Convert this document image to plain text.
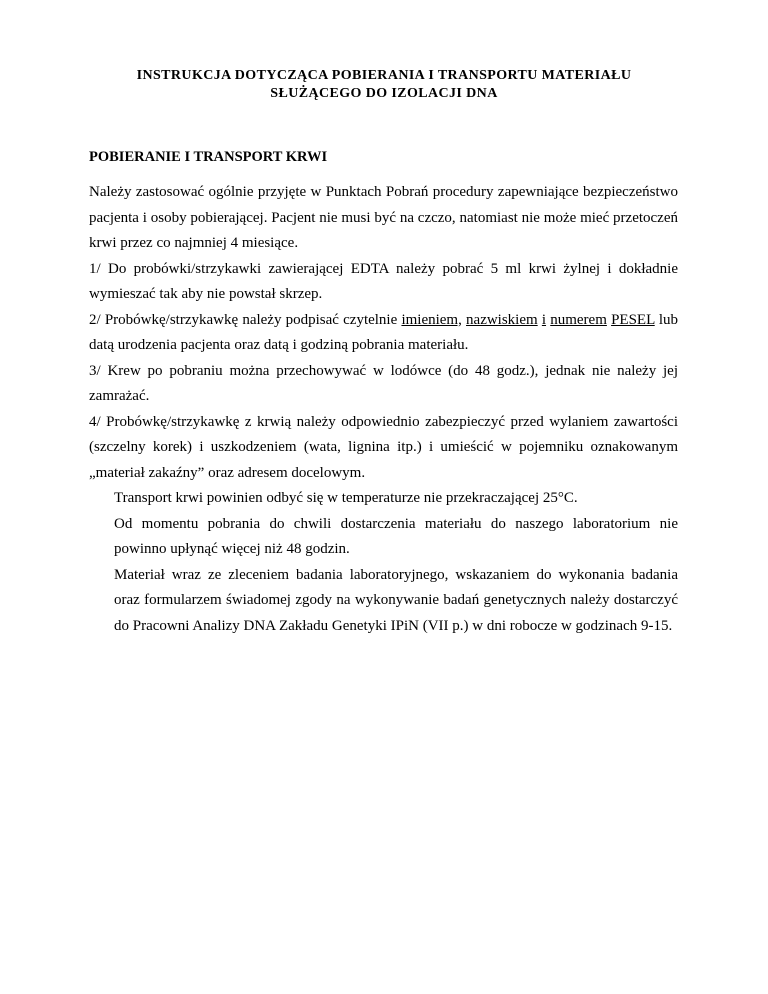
INSTRUKCJA DOTYCZĄCA POBIERANIA I TRANSPORTU MATERIAŁU
SŁUŻĄCEGO DO IZOLACJI DNA
POBIERANIE I TRANSPORT KRWI

Należy zastosować ogólnie przyjęte w Punktach Pobrań procedury zapewniające bezpieczeństwo pacjenta i osoby pobierającej. Pacjent nie musi być na czczo, natomiast nie może mieć przetoczeń krwi przez co najmniej 4 miesiące.

1/ Do probówki/strzykawki zawierającej EDTA należy pobrać 5 ml krwi żylnej i dokładnie wymieszać tak aby nie powstał skrzep.

2/ Probówkę/strzykawkę należy podpisać czytelnie imieniem, nazwiskiem i numerem PESEL lub datą urodzenia pacjenta oraz datą i godziną pobrania materiału.

3/ Krew po pobraniu można przechowywać w lodówce (do 48 godz.), jednak nie należy jej zamrażać.

4/ Probówkę/strzykawkę z krwią należy odpowiednio zabezpieczyć przed wylaniem zawartości (szczelny korek) i uszkodzeniem (wata, lignina itp.) i umieścić w pojemniku oznakowanym „materiał zakaźny” oraz adresem docelowym.

Transport krwi powinien odbyć się w temperaturze nie przekraczającej 25°C.

Od momentu pobrania do chwili dostarczenia materiału do naszego laboratorium nie powinno upłynąć więcej niż 48 godzin.

Materiał wraz ze zleceniem badania laboratoryjnego, wskazaniem do wykonania badania oraz formularzem świadomej zgody na wykonywanie badań genetycznych należy dostarczyć do Pracowni Analizy DNA Zakładu Genetyki IPiN (VII p.) w dni robocze w godzinach 9-15.
